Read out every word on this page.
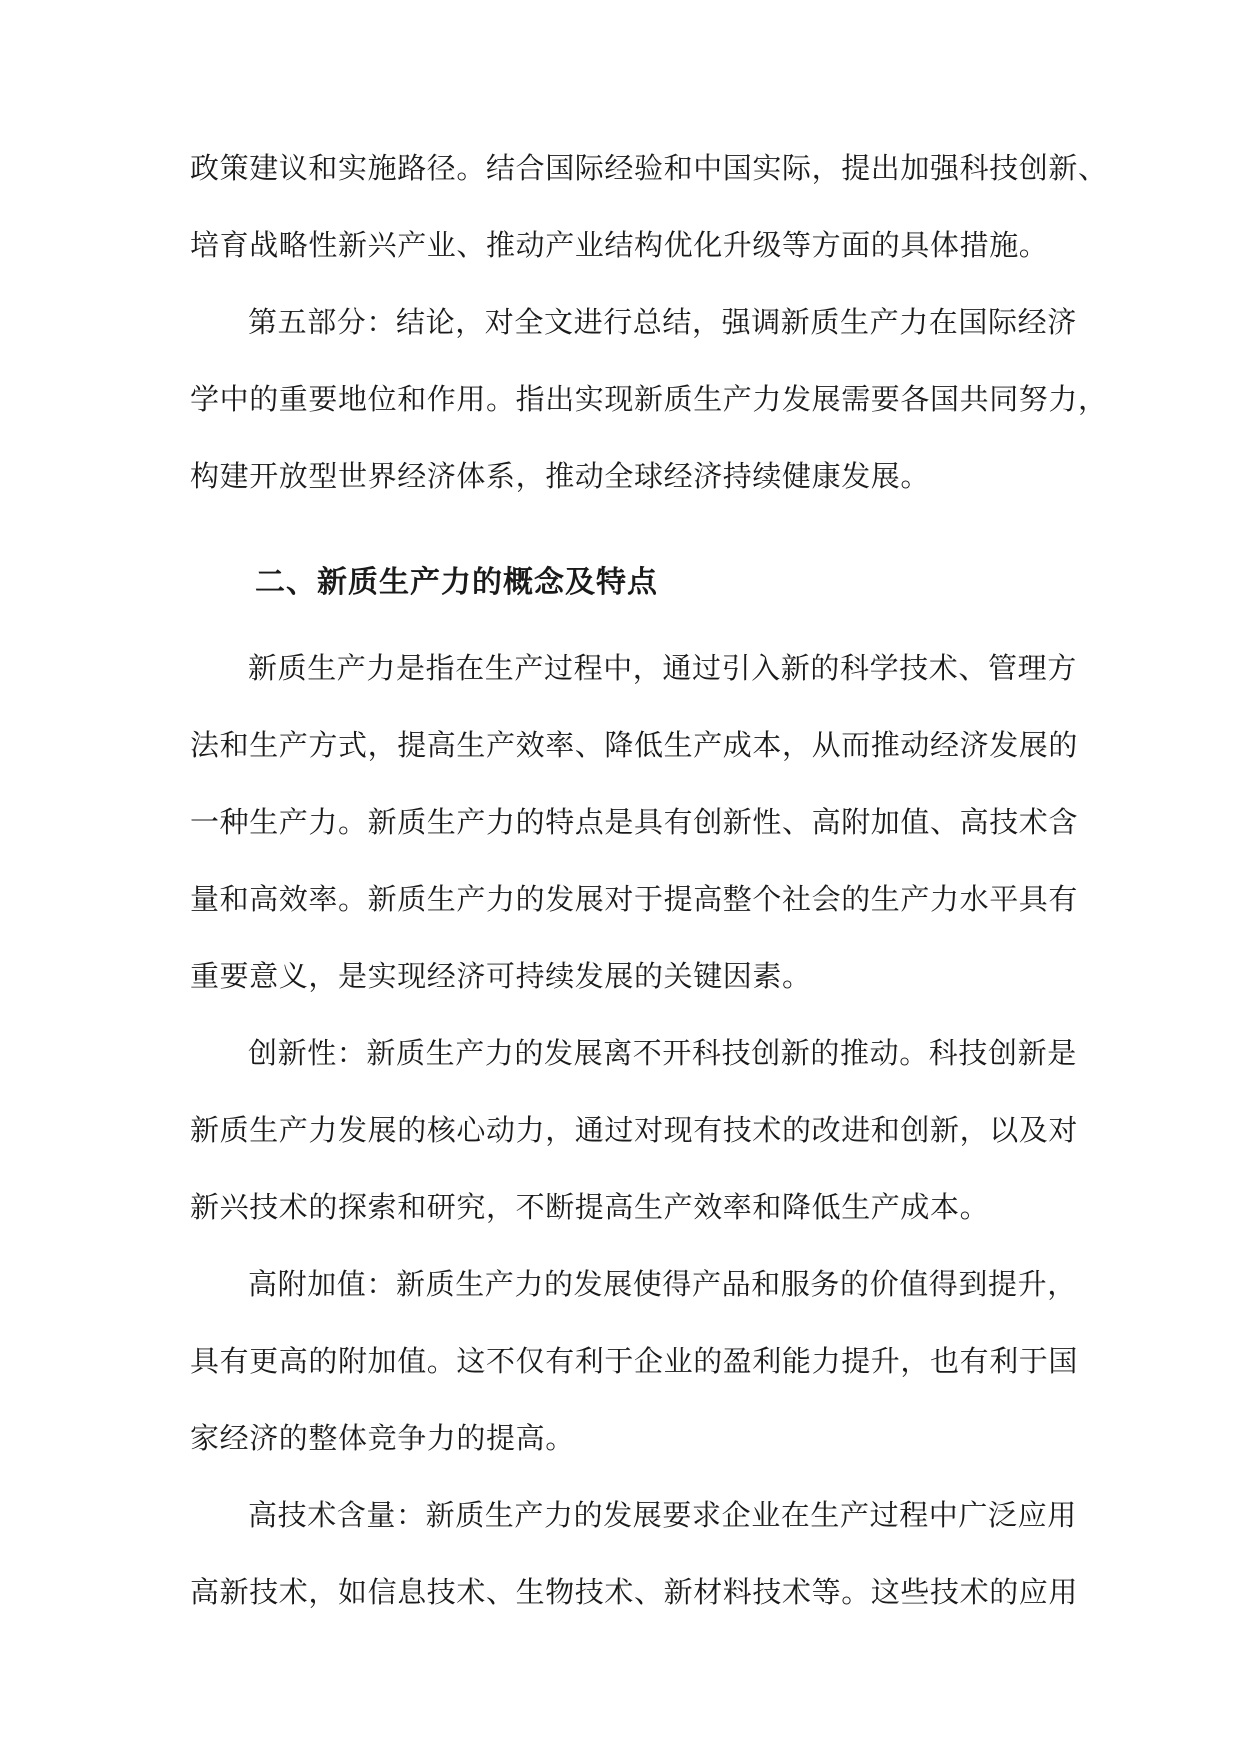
政策建议和实施路径。结合国际经验和中国实际，提出加强科技创新、
培育战略性新兴产业、推动产业结构优化升级等方面的具体措施。
第五部分：结论，对全文进行总结，强调新质生产力在国际经济
学中的重要地位和作用。指出实现新质生产力发展需要各国共同努力，
构建开放型世界经济体系，推动全球经济持续健康发展。
二、新质生产力的概念及特点
新质生产力是指在生产过程中，通过引入新的科学技术、管理方
法和生产方式，提高生产效率、降低生产成本，从而推动经济发展的
一种生产力。新质生产力的特点是具有创新性、高附加值、高技术含
量和高效率。新质生产力的发展对于提高整个社会的生产力水平具有
重要意义，是实现经济可持续发展的关键因素。
创新性：新质生产力的发展离不开科技创新的推动。科技创新是
新质生产力发展的核心动力，通过对现有技术的改进和创新，以及对
新兴技术的探索和研究，不断提高生产效率和降低生产成本。
高附加值：新质生产力的发展使得产品和服务的价值得到提升，
具有更高的附加值。这不仅有利于企业的盈利能力提升，也有利于国
家经济的整体竞争力的提高。
高技术含量：新质生产力的发展要求企业在生产过程中广泛应用
高新技术，如信息技术、生物技术、新材料技术等。这些技术的应用
